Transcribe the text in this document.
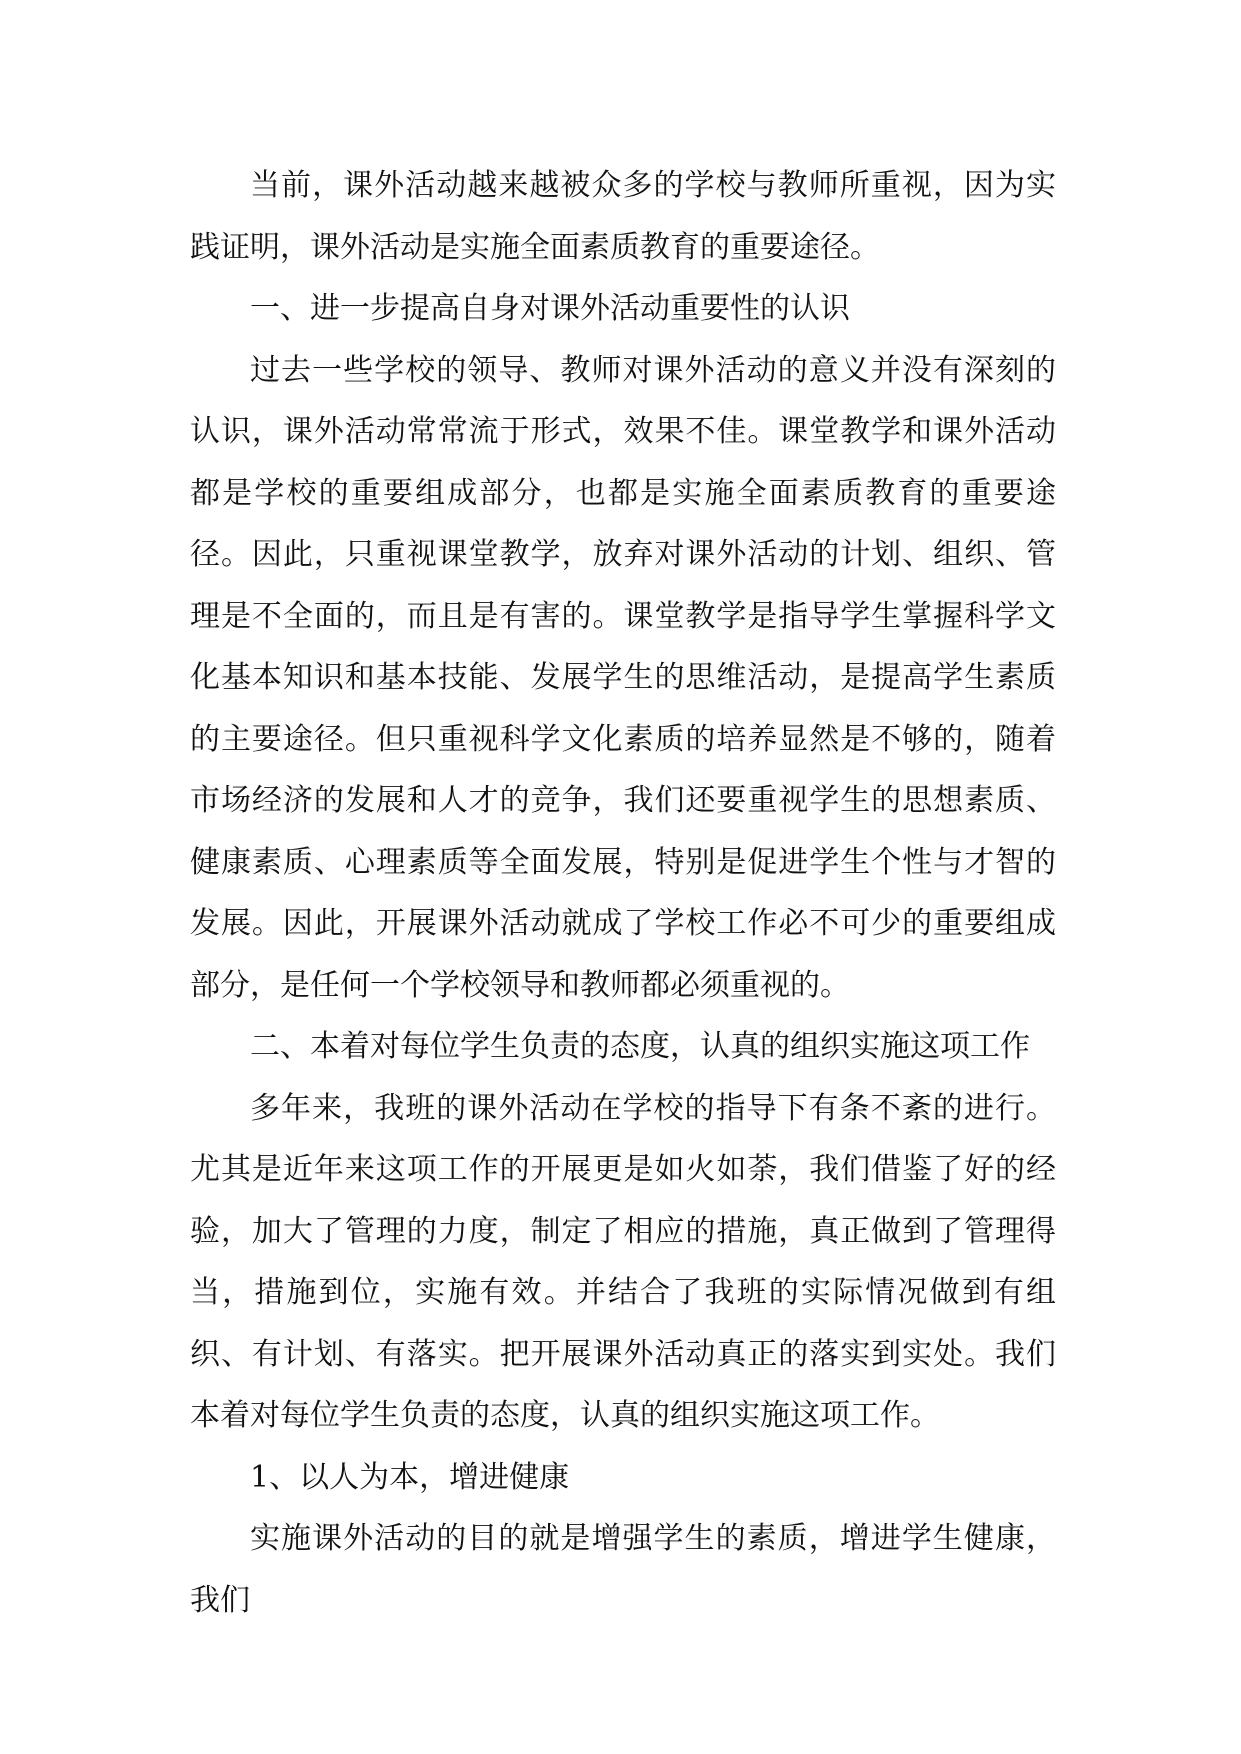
当前，课外活动越来越被众多的学校与教师所重视，因为实践证明，课外活动是实施全面素质教育的重要途径。

一、进一步提高自身对课外活动重要性的认识

过去一些学校的领导、教师对课外活动的意义并没有深刻的认识，课外活动常常流于形式，效果不佳。课堂教学和课外活动都是学校的重要组成部分，也都是实施全面素质教育的重要途径。因此，只重视课堂教学，放弃对课外活动的计划、组织、管理是不全面的，而且是有害的。课堂教学是指导学生掌握科学文化基本知识和基本技能、发展学生的思维活动，是提高学生素质的主要途径。但只重视科学文化素质的培养显然是不够的，随着市场经济的发展和人才的竞争，我们还要重视学生的思想素质、健康素质、心理素质等全面发展，特别是促进学生个性与才智的发展。因此，开展课外活动就成了学校工作必不可少的重要组成部分，是任何一个学校领导和教师都必须重视的。

二、本着对每位学生负责的态度，认真的组织实施这项工作

多年来，我班的课外活动在学校的指导下有条不紊的进行。尤其是近年来这项工作的开展更是如火如荼，我们借鉴了好的经验，加大了管理的力度，制定了相应的措施，真正做到了管理得当，措施到位，实施有效。并结合了我班的实际情况做到有组织、有计划、有落实。把开展课外活动真正的落实到实处。我们本着对每位学生负责的态度，认真的组织实施这项工作。

1、以人为本，增进健康

实施课外活动的目的就是增强学生的素质，增进学生健康，我们
